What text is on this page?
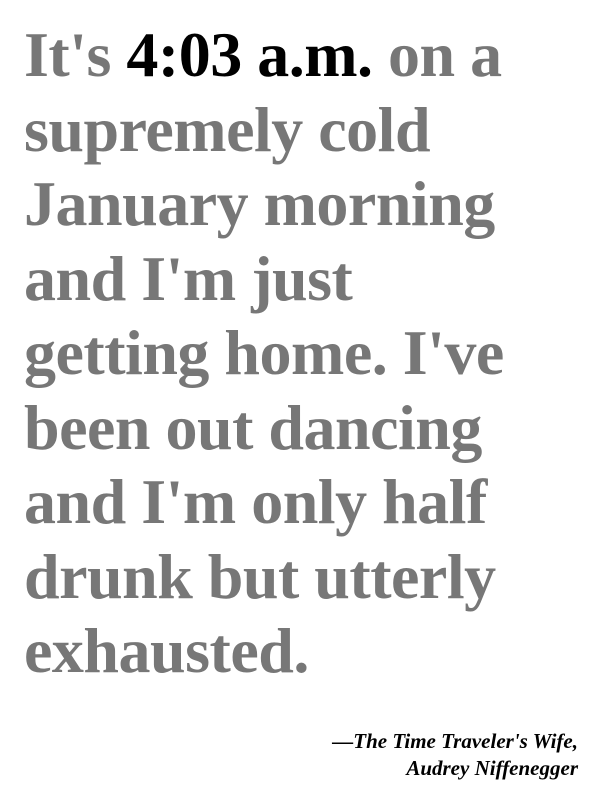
It's 4:03 a.m. on a
supremely cold
January morning
and I'm just
getting home. I've
been out dancing
and I'm only half
drunk but utterly
exhausted.

—The Time Traveler's Wife,
Audrey Niffenegger
